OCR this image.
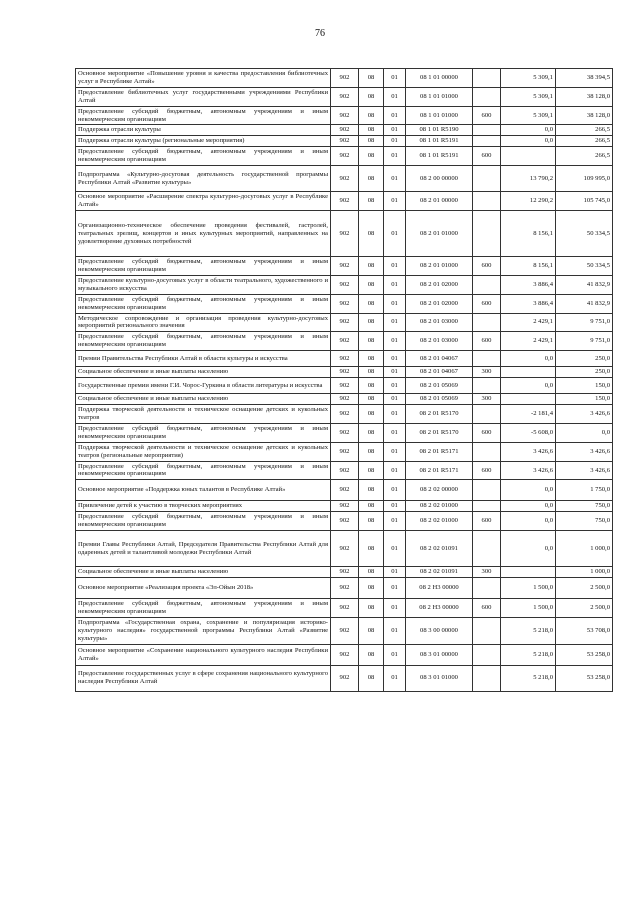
76
Основное мероприятие «Повышение уровня и качества предоставления библиотечных услуг в Республике Алтай»	902	08	01	08 1 01 00000		5 309,1	38 394,5
Предоставление библиотечных услуг государственными учреждениями Республики Алтай	902	08	01	08 1 01 01000		5 309,1	38 128,0
Предоставление субсидий бюджетным, автономным учреждениям и иным некоммерческим организациям	902	08	01	08 1 01 01000	600	5 309,1	38 128,0
Поддержка отрасли культуры	902	08	01	08 1 01 R5190		0,0	266,5
Поддержка отрасли культуры (региональные мероприятия)	902	08	01	08 1 01 R5191		0,0	266,5
Предоставление субсидий бюджетным, автономным учреждениям и иным некоммерческим организациям	902	08	01	08 1 01 R5191	600		266,5
Подпрограмма «Культурно-досуговая деятельность государственной программы Республики Алтай «Развитие культуры»	902	08	01	08 2 00 00000		13 790,2	109 995,0
Основное мероприятие «Расширение спектра культурно-досуговых услуг в Республике Алтай»	902	08	01	08 2 01 00000		12 290,2	105 745,0
Организационно-техническое обеспечение проведения фестивалей, гастролей, театральных зрелищ, концертов и иных культурных мероприятий, направленных на удовлетворение духовных потребностей	902	08	01	08 2 01 01000		8 156,1	50 334,5
Предоставление субсидий бюджетным, автономным учреждениям и иным некоммерческим организациям	902	08	01	08 2 01 01000	600	8 156,1	50 334,5
Предоставление культурно-досуговых услуг в области театрального, художественного и музыкального искусства	902	08	01	08 2 01 02000		3 886,4	41 832,9
Предоставление субсидий бюджетным, автономным учреждениям и иным некоммерческим организациям	902	08	01	08 2 01 02000	600	3 886,4	41 832,9
Методическое сопровождение и организация проведения культурно-досуговых мероприятий регионального значения	902	08	01	08 2 01 03000		2 429,1	9 751,0
Предоставление субсидий бюджетным, автономным учреждениям и иным некоммерческим организациям	902	08	01	08 2 01 03000	600	2 429,1	9 751,0
Премии Правительства Республики Алтай в области культуры и искусства	902	08	01	08 2 01 04067		0,0	250,0
Социальное обеспечение и иные выплаты населению	902	08	01	08 2 01 04067	300		250,0
Государственные премии имени Г.И. Чорос-Гуркина в области литературы и искусства	902	08	01	08 2 01 05069		0,0	150,0
Социальное обеспечение и иные выплаты населению	902	08	01	08 2 01 05069	300		150,0
Поддержка творческой деятельности и техническое оснащение детских и кукольных театров	902	08	01	08 2 01 R5170		-2 181,4	3 426,6
Предоставление субсидий бюджетным, автономным учреждениям и иным некоммерческим организациям	902	08	01	08 2 01 R5170	600	-5 608,0	0,0
Поддержка творческой деятельности и техническое оснащение детских и кукольных театров (региональные мероприятия)	902	08	01	08 2 01 R5171		3 426,6	3 426,6
Предоставление субсидий бюджетным, автономным учреждениям и иным некоммерческим организациям	902	08	01	08 2 01 R5171	600	3 426,6	3 426,6
Основное мероприятие «Поддержка юных талантов в Республике Алтай»	902	08	01	08 2 02 00000		0,0	1 750,0
Привлечение детей к участию в творческих мероприятиях	902	08	01	08 2 02 01000		0,0	750,0
Предоставление субсидий бюджетным, автономным учреждениям и иным некоммерческим организациям	902	08	01	08 2 02 01000	600	0,0	750,0
Премии Главы Республики Алтай, Председателя Правительства Республики Алтай для одаренных детей и талантливой молодежи Республики Алтай	902	08	01	08 2 02 01091		0,0	1 000,0
Социальное обеспечение и иные выплаты населению	902	08	01	08 2 02 01091	300		1 000,0
Основное мероприятие «Реализация проекта «Эл-Ойын 2018»	902	08	01	08 2 Н3 00000		1 500,0	2 500,0
Предоставление субсидий бюджетным, автономным учреждениям и иным некоммерческим организациям	902	08	01	08 2 Н3 00000	600	1 500,0	2 500,0
Подпрограмма «Государственная охрана, сохранение и популяризация историко-культурного наследия» государственной программы Республики Алтай «Развитие культуры»	902	08	01	08 3 00 00000		5 218,0	53 708,0
Основное мероприятие «Сохранение национального культурного наследия Республики Алтай»	902	08	01	08 3 01 00000		5 218,0	53 258,0
Предоставление государственных услуг в сфере сохранения национального культурного наследия Республики Алтай	902	08	01	08 3 01 01000		5 218,0	53 258,0
